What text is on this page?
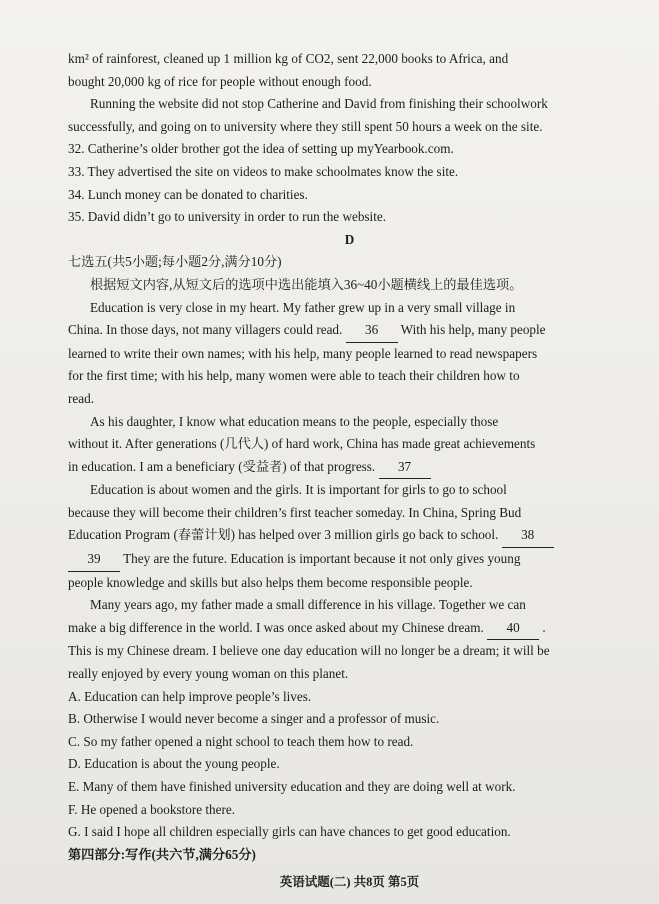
km² of rainforest, cleaned up 1 million kg of CO2, sent 22,000 books to Africa, and
bought 20,000 kg of rice for people without enough food.
Running the website did not stop Catherine and David from finishing their schoolwork
successfully, and going on to university where they still spent 50 hours a week on the site.
32. Catherine’s older brother got the idea of setting up myYearbook.com.
33. They advertised the site on videos to make schoolmates know the site.
34. Lunch money can be donated to charities.
35. David didn’t go to university in order to run the website.
D
七选五(共5小题;每小题2分,满分10分)
根据短文内容,从短文后的选项中选出能填入36~40小题横线上的最佳选项。
Education is very close in my heart. My father grew up in a very small village in
China. In those days, not many villagers could read. 36 With his help, many people
learned to write their own names; with his help, many people learned to read newspapers
for the first time; with his help, many women were able to teach their children how to
read.
As his daughter, I know what education means to the people, especially those
without it. After generations (几代人) of hard work, China has made great achievements
in education. I am a beneficiary (受益者) of that progress. 37
Education is about women and the girls. It is important for girls to go to school
because they will become their children’s first teacher someday. In China, Spring Bud
Education Program (春蕾计划) has helped over 3 million girls go back to school. 38
39 They are the future. Education is important because it not only gives young
people knowledge and skills but also helps them become responsible people.
Many years ago, my father made a small difference in his village. Together we can
make a big difference in the world. I was once asked about my Chinese dream. 40 .
This is my Chinese dream. I believe one day education will no longer be a dream; it will be
really enjoyed by every young woman on this planet.
A. Education can help improve people’s lives.
B. Otherwise I would never become a singer and a professor of music.
C. So my father opened a night school to teach them how to read.
D. Education is about the young people.
E. Many of them have finished university education and they are doing well at work.
F. He opened a bookstore there.
G. I said I hope all children especially girls can have chances to get good education.
第四部分:写作(共六节,满分65分)
英语试题(二) 共8页 第5页
